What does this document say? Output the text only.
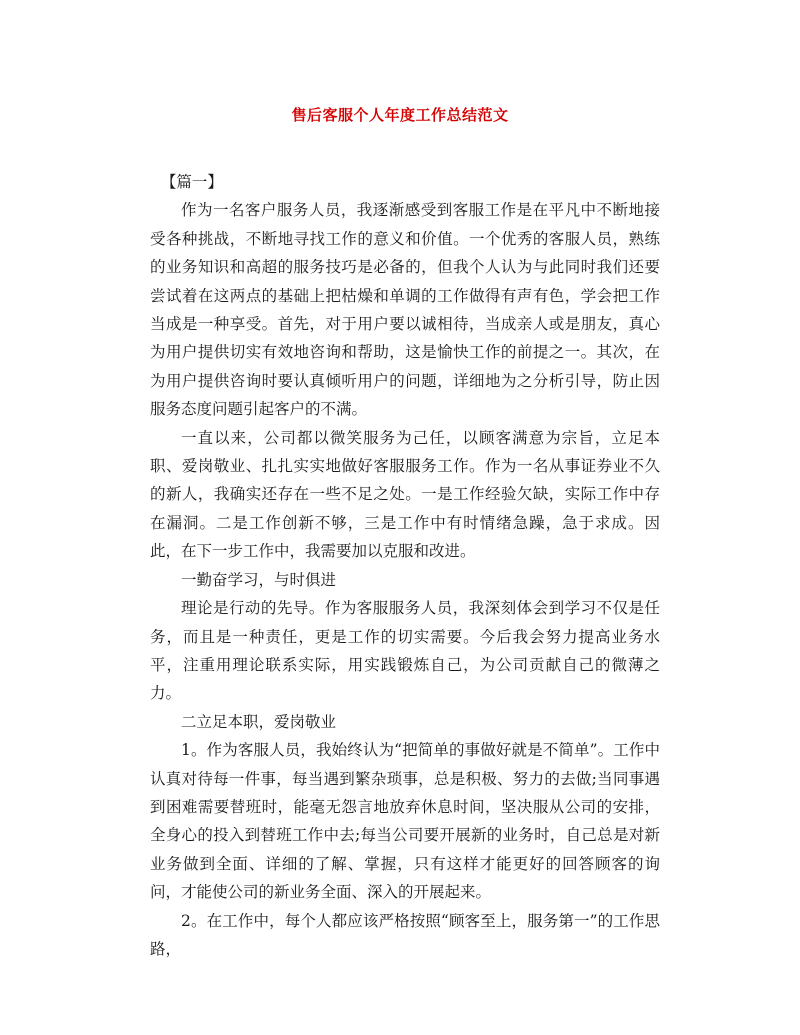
售后客服个人年度工作总结范文

【篇一】

作为一名客户服务人员，我逐渐感受到客服工作是在平凡中不断地接受各种挑战，不断地寻找工作的意义和价值。一个优秀的客服人员，熟练的业务知识和高超的服务技巧是必备的，但我个人认为与此同时我们还要尝试着在这两点的基础上把枯燥和单调的工作做得有声有色，学会把工作当成是一种享受。首先，对于用户要以诚相待，当成亲人或是朋友，真心为用户提供切实有效地咨询和帮助，这是愉快工作的前提之一。其次，在为用户提供咨询时要认真倾听用户的问题，详细地为之分析引导，防止因服务态度问题引起客户的不满。

一直以来，公司都以微笑服务为己任，以顾客满意为宗旨，立足本职、爱岗敬业、扎扎实实地做好客服服务工作。作为一名从事证券业不久的新人，我确实还存在一些不足之处。一是工作经验欠缺，实际工作中存在漏洞。二是工作创新不够，三是工作中有时情绪急躁，急于求成。因此，在下一步工作中，我需要加以克服和改进。

一勤奋学习，与时俱进

理论是行动的先导。作为客服服务人员，我深刻体会到学习不仅是任务，而且是一种责任，更是工作的切实需要。今后我会努力提高业务水平，注重用理论联系实际，用实践锻炼自己，为公司贡献自己的微薄之力。

二立足本职，爱岗敬业

1。作为客服人员，我始终认为“把简单的事做好就是不简单”。工作中认真对待每一件事，每当遇到繁杂琐事，总是积极、努力的去做;当同事遇到困难需要替班时，能毫无怨言地放弃休息时间，坚决服从公司的安排，全身心的投入到替班工作中去;每当公司要开展新的业务时，自己总是对新业务做到全面、详细的了解、掌握，只有这样才能更好的回答顾客的询问，才能使公司的新业务全面、深入的开展起来。

2。在工作中，每个人都应该严格按照“顾客至上，服务第一”的工作思路，
